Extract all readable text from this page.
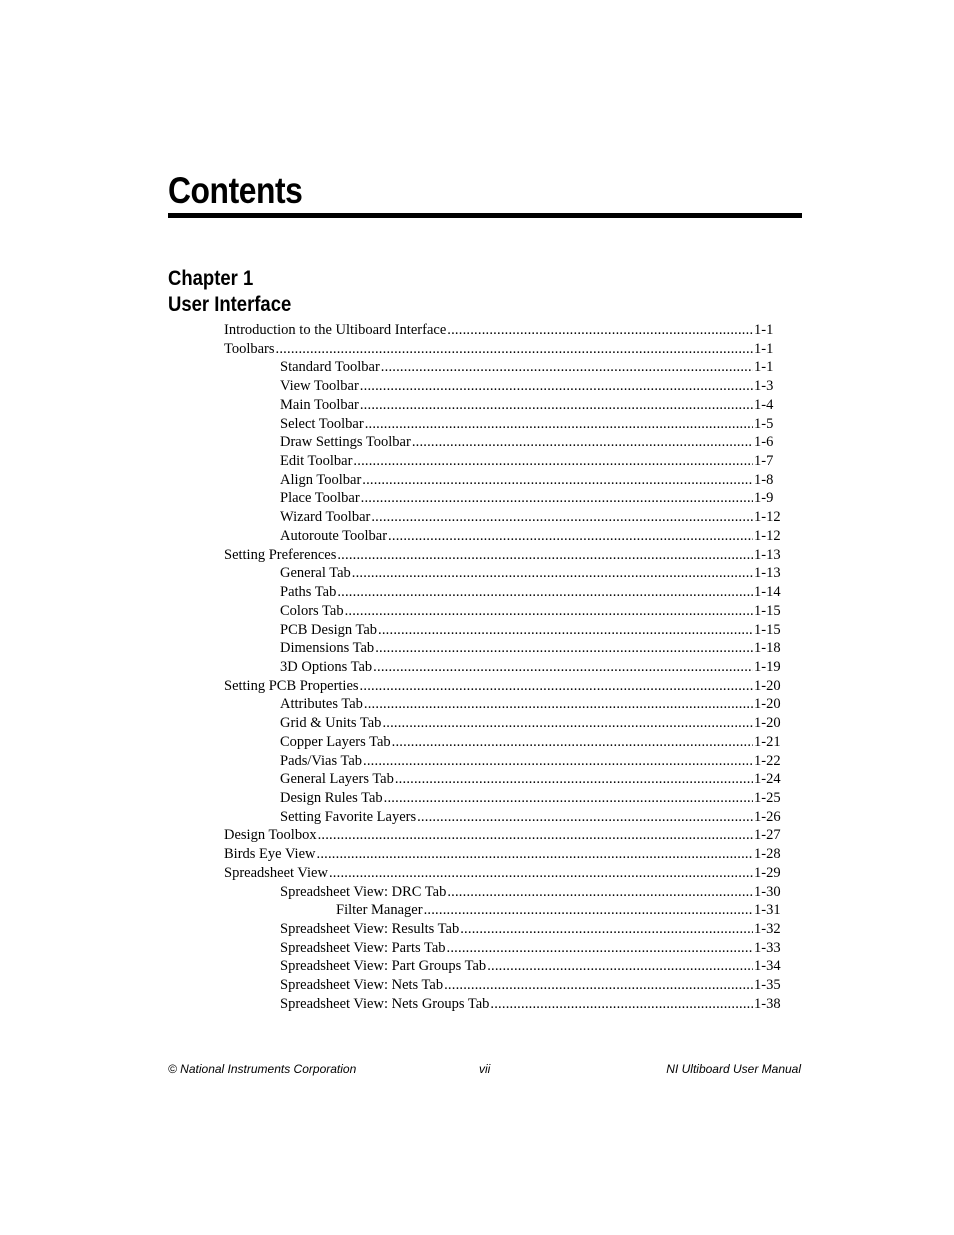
Contents
Chapter 1
User Interface
Introduction to the Ultiboard Interface .....	1-1
Toolbars .....	1-1
Standard Toolbar .....	1-1
View Toolbar .....	1-3
Main Toolbar .....	1-4
Select Toolbar .....	1-5
Draw Settings Toolbar .....	1-6
Edit Toolbar .....	1-7
Align Toolbar .....	1-8
Place Toolbar .....	1-9
Wizard Toolbar .....	1-12
Autoroute Toolbar .....	1-12
Setting Preferences .....	1-13
General Tab .....	1-13
Paths Tab .....	1-14
Colors Tab .....	1-15
PCB Design Tab .....	1-15
Dimensions Tab .....	1-18
3D Options Tab .....	1-19
Setting PCB Properties .....	1-20
Attributes Tab .....	1-20
Grid & Units Tab .....	1-20
Copper Layers Tab .....	1-21
Pads/Vias Tab .....	1-22
General Layers Tab .....	1-24
Design Rules Tab .....	1-25
Setting Favorite Layers .....	1-26
Design Toolbox .....	1-27
Birds Eye View .....	1-28
Spreadsheet View .....	1-29
Spreadsheet View: DRC Tab .....	1-30
Filter Manager .....	1-31
Spreadsheet View: Results Tab .....	1-32
Spreadsheet View: Parts Tab .....	1-33
Spreadsheet View: Part Groups Tab .....	1-34
Spreadsheet View: Nets Tab .....	1-35
Spreadsheet View: Nets Groups Tab .....	1-38
© National Instruments Corporation	vii	NI Ultiboard User Manual
